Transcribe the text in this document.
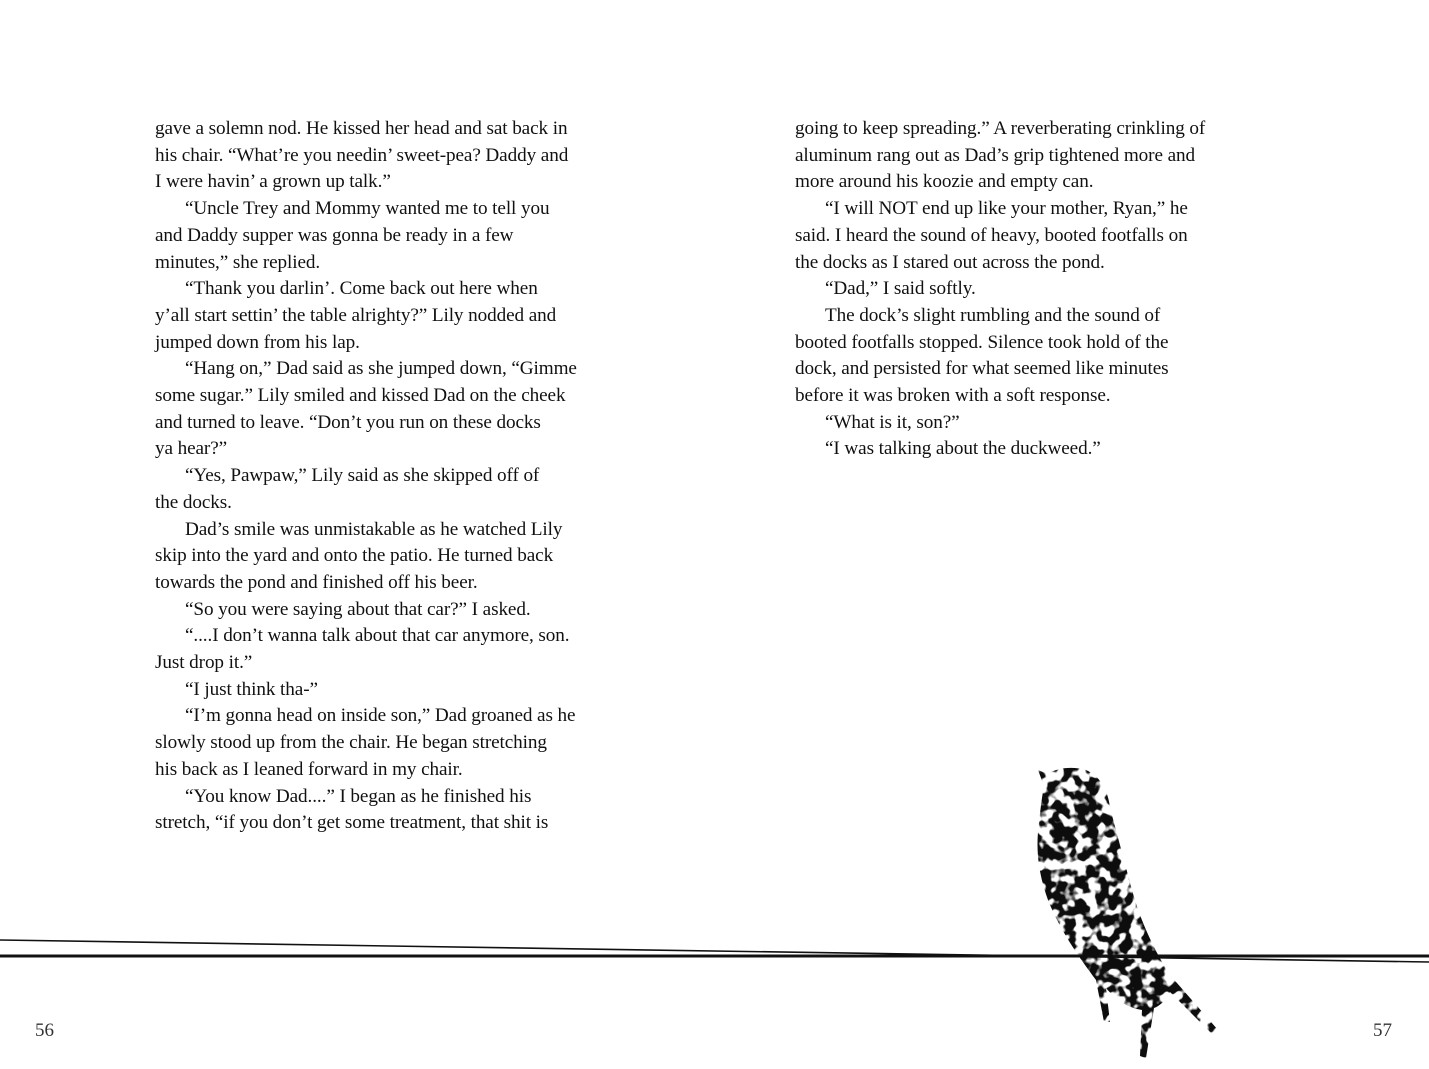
gave a solemn nod. He kissed her head and sat back in
his chair. “What’re you needin’ sweet-pea? Daddy and
I were havin’ a grown up talk.”
“Uncle Trey and Mommy wanted me to tell you
and Daddy supper was gonna be ready in a few
minutes,” she replied.
“Thank you darlin’. Come back out here when
y’all start settin’ the table alrighty?” Lily nodded and
jumped down from his lap.
“Hang on,” Dad said as she jumped down, “Gimme
some sugar.” Lily smiled and kissed Dad on the cheek
and turned to leave. “Don’t you run on these docks
ya hear?”
“Yes, Pawpaw,” Lily said as she skipped off of
the docks.
Dad’s smile was unmistakable as he watched Lily
skip into the yard and onto the patio. He turned back
towards the pond and finished off his beer.
“So you were saying about that car?” I asked.
“....I don’t wanna talk about that car anymore, son.
Just drop it.”
“I just think tha-”
“I’m gonna head on inside son,” Dad groaned as he
slowly stood up from the chair. He began stretching
his back as I leaned forward in my chair.
“You know Dad....” I began as he finished his
stretch, “if you don’t get some treatment, that shit is
going to keep spreading.” A reverberating crinkling of
aluminum rang out as Dad’s grip tightened more and
more around his koozie and empty can.
“I will NOT end up like your mother, Ryan,” he
said. I heard the sound of heavy, booted footfalls on
the docks as I stared out across the pond.
“Dad,” I said softly.
The dock’s slight rumbling and the sound of
booted footfalls stopped. Silence took hold of the
dock, and persisted for what seemed like minutes
before it was broken with a soft response.
“What is it, son?”
“I was talking about the duckweed.”
56	57
